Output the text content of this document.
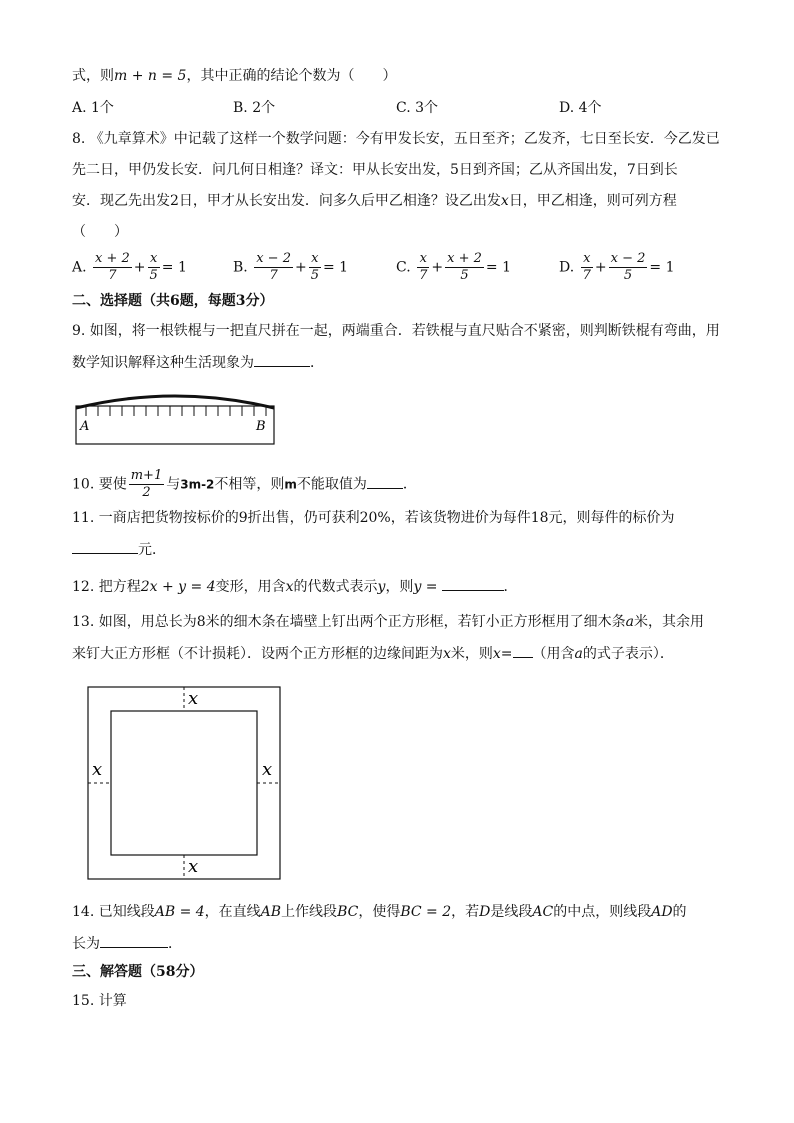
式，则m + n = 5，其中正确的结论个数为（　　）
A. 1个	B. 2个	C. 3个	D. 4个
8. 《九章算术》中记载了这样一个数学问题：今有甲发长安，五日至齐；乙发齐，七日至长安．今乙发已
先二日，甲仍发长安．问几何日相逢？译文：甲从长安出发，5日到齐国；乙从齐国出发，7日到长
安．现乙先出发2日，甲才从长安出发．问多久后甲乙相逢？设乙出发x日，甲乙相逢，则可列方程
（　　）
A. $\frac{x + 2}{7} + \frac{x}{5} = 1$	B. $\frac{x - 2}{7} + \frac{x}{5} = 1$	C. $\frac{x}{7} + \frac{x + 2}{5} = 1$	D. $\frac{x}{7} + \frac{x - 2}{5} = 1$
二、选择题（共6题，每题3分）
9. 如图，将一根铁棍与一把直尺拼在一起，两端重合．若铁棍与直尺贴合不紧密，则判断铁棍有弯曲，用
数学知识解释这种生活现象为	．
A	B
10. 要使 $\frac{m+1}{2}$ 与3m-2不相等，则m不能取值为	．
11. 一商店把货物按标价的9折出售，仍可获利20%，若该货物进价为每件18元，则每件的标价为
元．
12. 把方程2x + y = 4变形，用含x的代数式表示y，则y =	．
13. 如图，用总长为8米的细木条在墙壁上钉出两个正方形框，若钉小正方形框用了细木条a米，其余用
来钉大正方形框（不计损耗）．设两个正方形框的边缘间距为x米，则x= （用含a的式子表示）．
x
x	x
x
14. 已知线段AB = 4，在直线AB上作线段BC，使得BC = 2，若D是线段AC的中点，则线段AD的
长为	．
三、解答题（58分）
15. 计算
